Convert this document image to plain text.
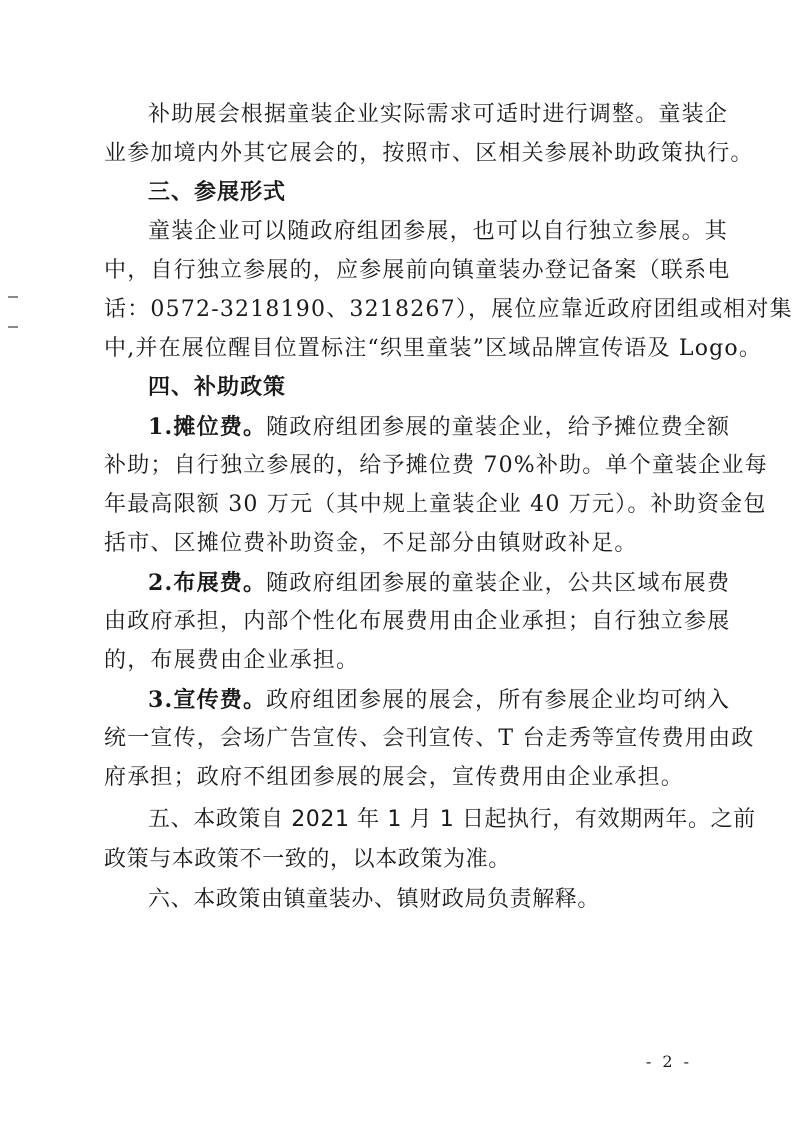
补助展会根据童装企业实际需求可适时进行调整。童装企
业参加境内外其它展会的，按照市、区相关参展补助政策执行。
三、参展形式
童装企业可以随政府组团参展，也可以自行独立参展。其
中，自行独立参展的，应参展前向镇童装办登记备案（联系电
话：0572-3218190、3218267），展位应靠近政府团组或相对集
中,并在展位醒目位置标注“织里童装”区域品牌宣传语及 Logo。
四、补助政策
1.摊位费。随政府组团参展的童装企业，给予摊位费全额
补助；自行独立参展的，给予摊位费 70%补助。单个童装企业每
年最高限额 30 万元（其中规上童装企业 40 万元）。补助资金包
括市、区摊位费补助资金，不足部分由镇财政补足。
2.布展费。随政府组团参展的童装企业，公共区域布展费
由政府承担，内部个性化布展费用由企业承担；自行独立参展
的，布展费由企业承担。
3.宣传费。政府组团参展的展会，所有参展企业均可纳入
统一宣传，会场广告宣传、会刊宣传、T 台走秀等宣传费用由政
府承担；政府不组团参展的展会，宣传费用由企业承担。
五、本政策自 2021 年 1 月 1 日起执行，有效期两年。之前
政策与本政策不一致的，以本政策为准。
六、本政策由镇童装办、镇财政局负责解释。
- 2 -
